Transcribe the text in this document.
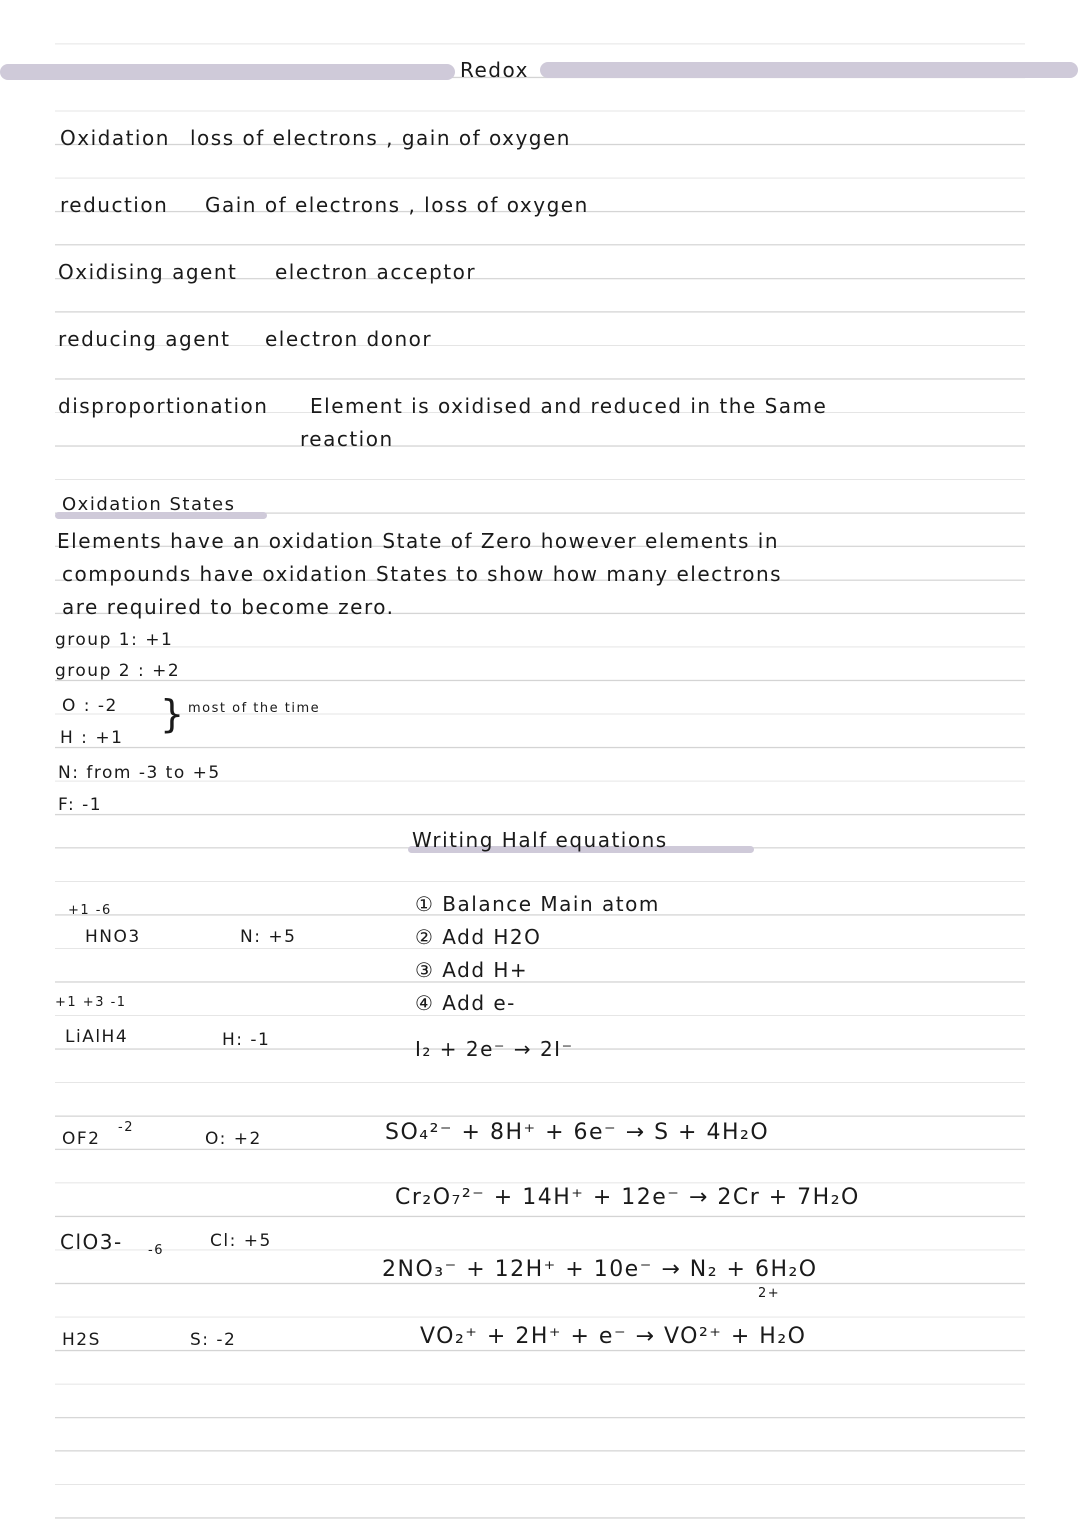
Redox
Oxidation loss of electrons , gain of oxygen
reduction Gain of electrons , loss of oxygen
Oxidising agent electron acceptor
reducing agent electron donor
disproportionation Element is oxidised and reduced in the Same
reaction
Oxidation States
Elements have an oxidation State of Zero however elements in
compounds have oxidation States to show how many electrons
are required to become zero.
group 1: +1
group 2 : +2
O : -2
H : +1
} most of the time
N: from -3 to +5
F: -1
Writing Half equations
① Balance Main atom
② Add H2O
③ Add H+
④ Add e-
+1 -6
HNO3	N: +5
+1 +3 -1
LiAlH4	H: -1
-2
OF2	O: +2
ClO3- -6	Cl: +5
H2S	S: -2
I₂ + 2e⁻ → 2I⁻
SO₄²⁻ + 8H⁺ + 6e⁻ → S + 4H₂O
Cr₂O₇²⁻ + 14H⁺ + 12e⁻ → 2Cr + 7H₂O
2NO₃⁻ + 12H⁺ + 10e⁻ → N₂ + 6H₂O
2+
VO₂⁺ + 2H⁺ + e⁻ → VO²⁺ + H₂O
